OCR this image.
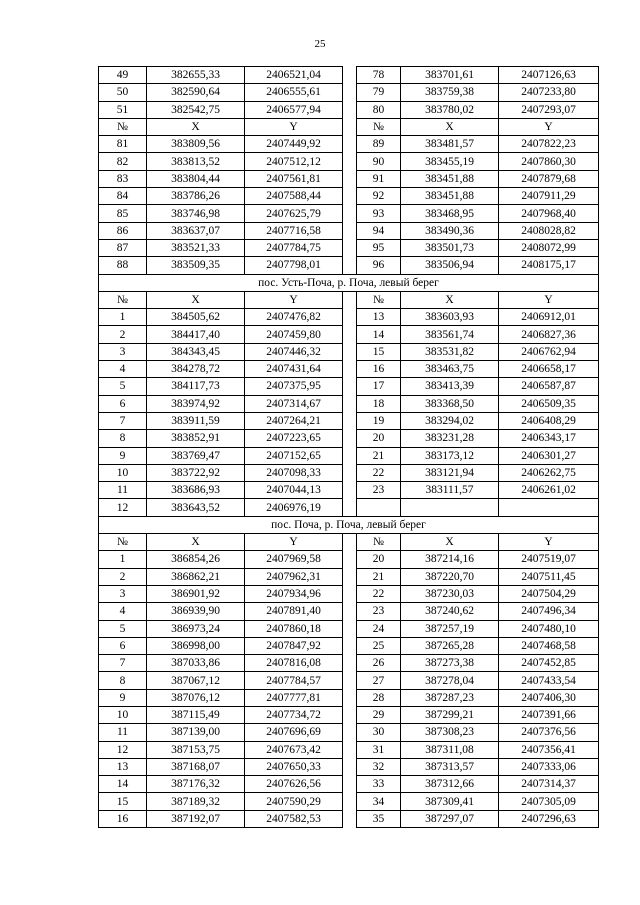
25
49	382655,33	2406521,04		78	383701,61	2407126,63
50	382590,64	2406555,61		79	383759,38	2407233,80
51	382542,75	2406577,94		80	383780,02	2407293,07
№	X	Y		№	X	Y
81	383809,56	2407449,92		89	383481,57	2407822,23
82	383813,52	2407512,12		90	383455,19	2407860,30
83	383804,44	2407561,81		91	383451,88	2407879,68
84	383786,26	2407588,44		92	383451,88	2407911,29
85	383746,98	2407625,79		93	383468,95	2407968,40
86	383637,07	2407716,58		94	383490,36	2408028,82
87	383521,33	2407784,75		95	383501,73	2408072,99
88	383509,35	2407798,01		96	383506,94	2408175,17
пос. Усть-Поча, р. Поча, левый берег						
№	X	Y		№	X	Y
1	384505,62	2407476,82		13	383603,93	2406912,01
2	384417,40	2407459,80		14	383561,74	2406827,36
3	384343,45	2407446,32		15	383531,82	2406762,94
4	384278,72	2407431,64		16	383463,75	2406658,17
5	384117,73	2407375,95		17	383413,39	2406587,87
6	383974,92	2407314,67		18	383368,50	2406509,35
7	383911,59	2407264,21		19	383294,02	2406408,29
8	383852,91	2407223,65		20	383231,28	2406343,17
9	383769,47	2407152,65		21	383173,12	2406301,27
10	383722,92	2407098,33		22	383121,94	2406262,75
11	383686,93	2407044,13		23	383111,57	2406261,02
12	383643,52	2406976,19				
пос. Поча, р. Поча, левый берег						
№	X	Y		№	X	Y
1	386854,26	2407969,58		20	387214,16	2407519,07
2	386862,21	2407962,31		21	387220,70	2407511,45
3	386901,92	2407934,96		22	387230,03	2407504,29
4	386939,90	2407891,40		23	387240,62	2407496,34
5	386973,24	2407860,18		24	387257,19	2407480,10
6	386998,00	2407847,92		25	387265,28	2407468,58
7	387033,86	2407816,08		26	387273,38	2407452,85
8	387067,12	2407784,57		27	387278,04	2407433,54
9	387076,12	2407777,81		28	387287,23	2407406,30
10	387115,49	2407734,72		29	387299,21	2407391,66
11	387139,00	2407696,69		30	387308,23	2407376,56
12	387153,75	2407673,42		31	387311,08	2407356,41
13	387168,07	2407650,33		32	387313,57	2407333,06
14	387176,32	2407626,56		33	387312,66	2407314,37
15	387189,32	2407590,29		34	387309,41	2407305,09
16	387192,07	2407582,53		35	387297,07	2407296,63
